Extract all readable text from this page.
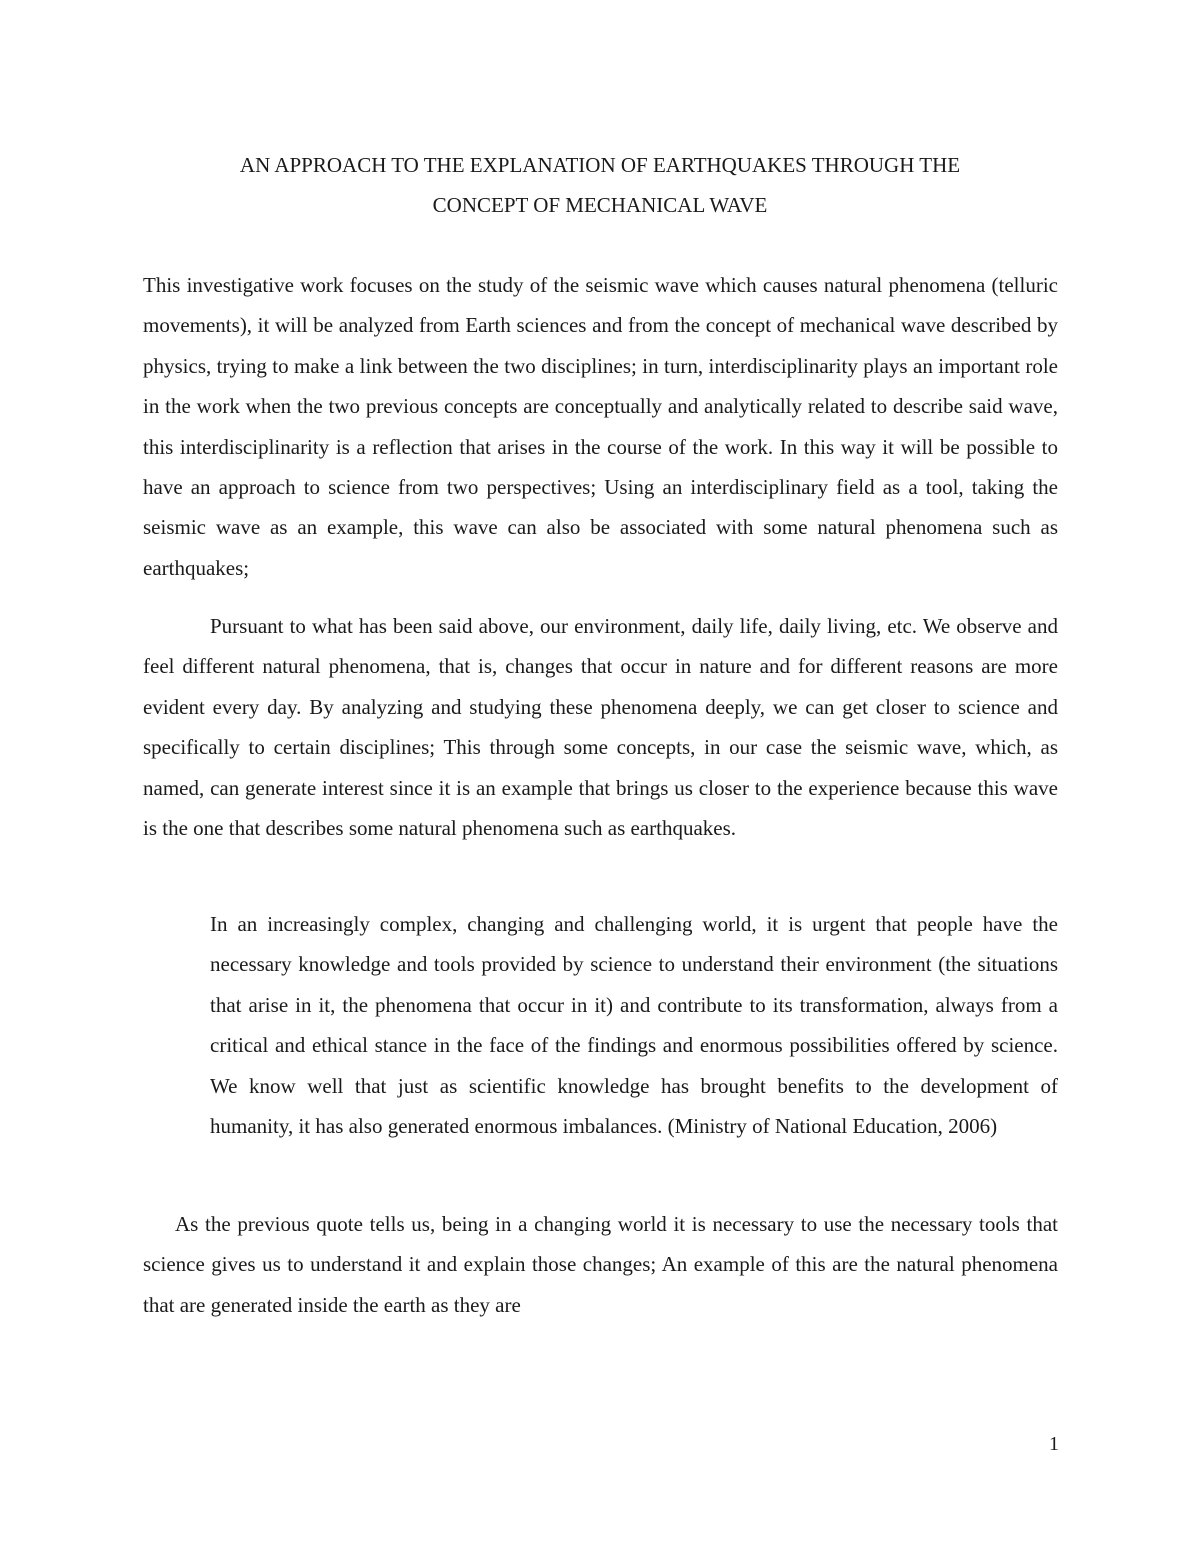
AN APPROACH TO THE EXPLANATION OF EARTHQUAKES THROUGH THE
CONCEPT OF MECHANICAL WAVE

This investigative work focuses on the study of the seismic wave which causes natural phenomena (telluric movements), it will be analyzed from Earth sciences and from the concept of mechanical wave described by physics, trying to make a link between the two disciplines; in turn, interdisciplinarity plays an important role in the work when the two previous concepts are conceptually and analytically related to describe said wave, this interdisciplinarity is a reflection that arises in the course of the work. In this way it will be possible to have an approach to science from two perspectives; Using an interdisciplinary field as a tool, taking the seismic wave as an example, this wave can also be associated with some natural phenomena such as earthquakes;

Pursuant to what has been said above, our environment, daily life, daily living, etc. We observe and feel different natural phenomena, that is, changes that occur in nature and for different reasons are more evident every day. By analyzing and studying these phenomena deeply, we can get closer to science and specifically to certain disciplines; This through some concepts, in our case the seismic wave, which, as named, can generate interest since it is an example that brings us closer to the experience because this wave is the one that describes some natural phenomena such as earthquakes.

In an increasingly complex, changing and challenging world, it is urgent that people have the necessary knowledge and tools provided by science to understand their environment (the situations that arise in it, the phenomena that occur in it) and contribute to its transformation, always from a critical and ethical stance in the face of the findings and enormous possibilities offered by science. We know well that just as scientific knowledge has brought benefits to the development of humanity, it has also generated enormous imbalances. (Ministry of National Education, 2006)

As the previous quote tells us, being in a changing world it is necessary to use the necessary tools that science gives us to understand it and explain those changes; An example of this are the natural phenomena that are generated inside the earth as they are

1
